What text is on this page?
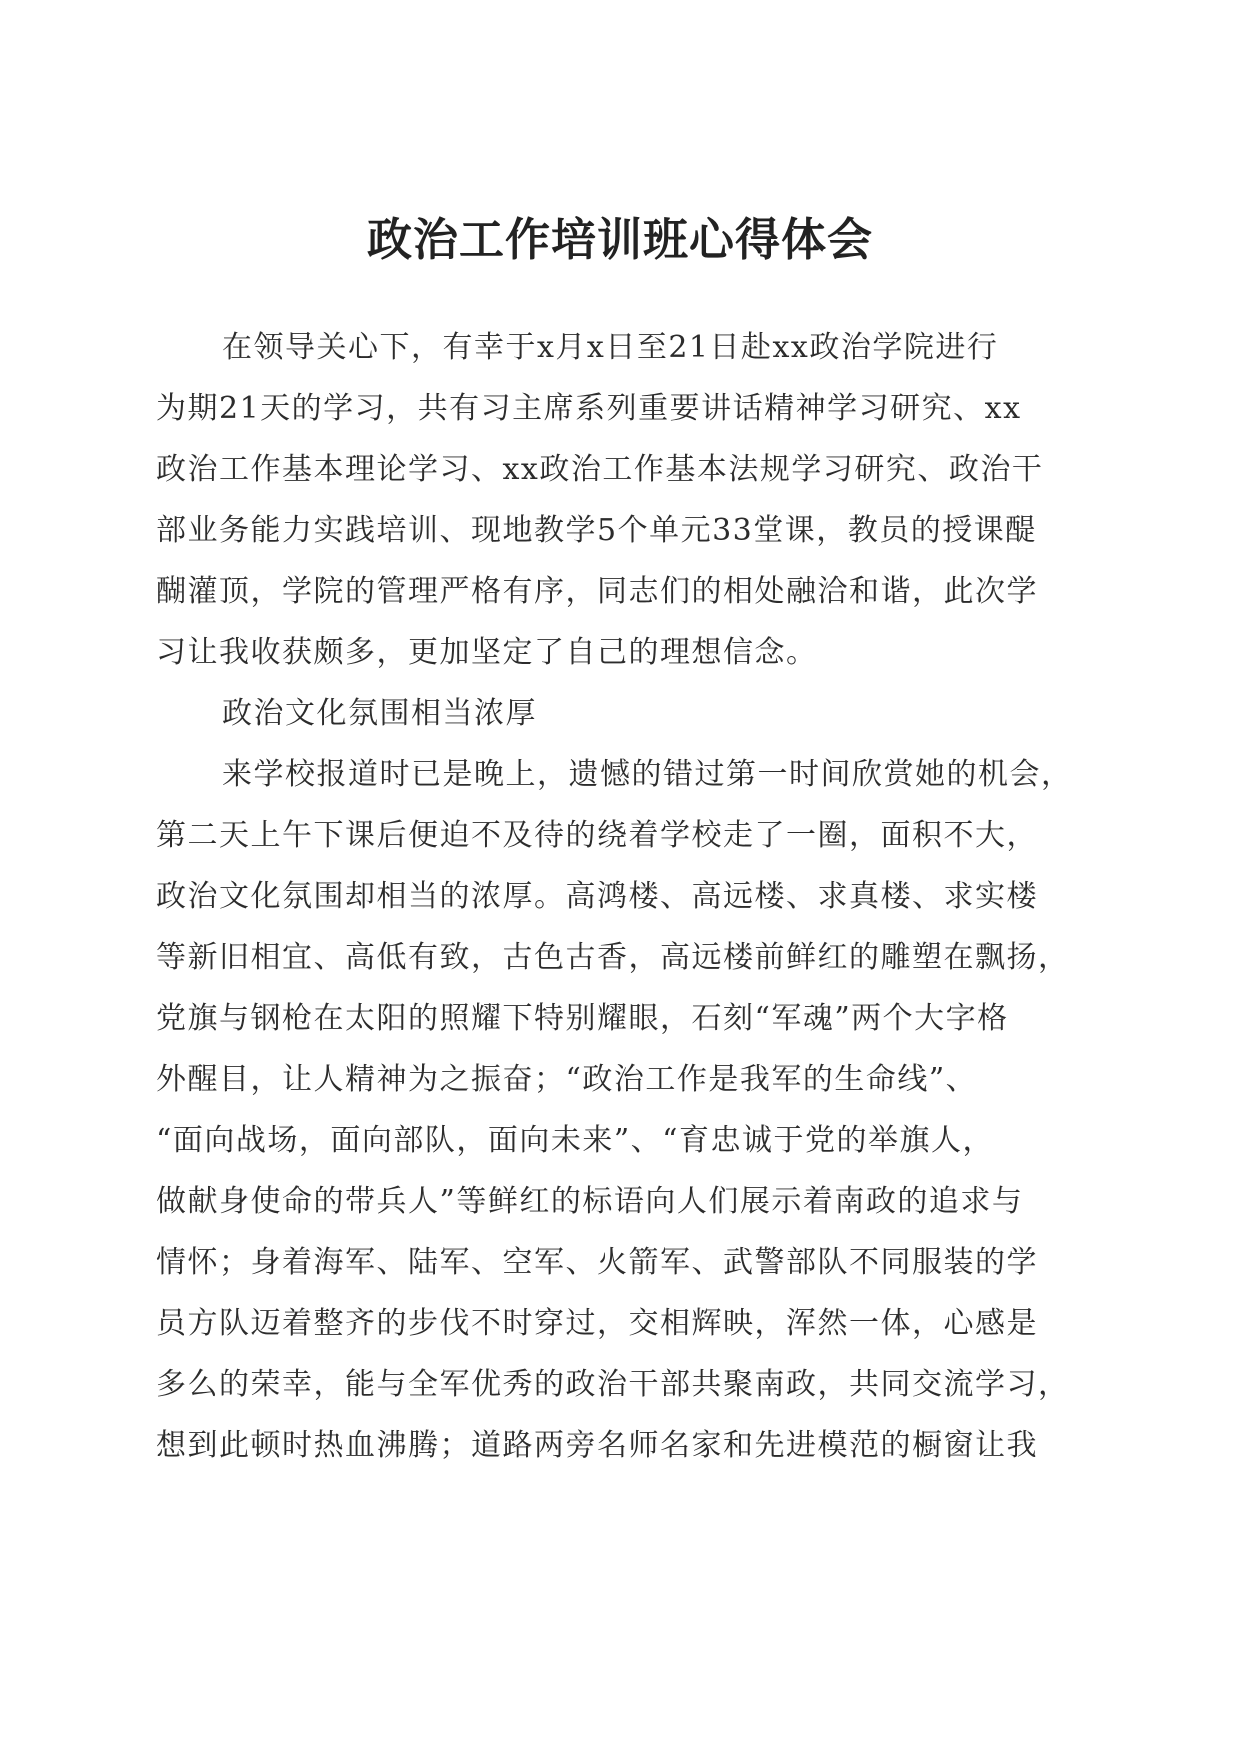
政治工作培训班心得体会
在领导关心下，有幸于x月x日至21日赴xx政治学院进行
为期21天的学习，共有习主席系列重要讲话精神学习研究、xx
政治工作基本理论学习、xx政治工作基本法规学习研究、政治干
部业务能力实践培训、现地教学5个单元33堂课，教员的授课醍
醐灌顶，学院的管理严格有序，同志们的相处融洽和谐，此次学
习让我收获颇多，更加坚定了自己的理想信念。
政治文化氛围相当浓厚
来学校报道时已是晚上，遗憾的错过第一时间欣赏她的机会，
第二天上午下课后便迫不及待的绕着学校走了一圈，面积不大，
政治文化氛围却相当的浓厚。高鸿楼、高远楼、求真楼、求实楼
等新旧相宜、高低有致，古色古香，高远楼前鲜红的雕塑在飘扬，
党旗与钢枪在太阳的照耀下特别耀眼，石刻“军魂”两个大字格
外醒目，让人精神为之振奋；“政治工作是我军的生命线”、
“面向战场，面向部队，面向未来”、“育忠诚于党的举旗人，
做献身使命的带兵人”等鲜红的标语向人们展示着南政的追求与
情怀；身着海军、陆军、空军、火箭军、武警部队不同服装的学
员方队迈着整齐的步伐不时穿过，交相辉映，浑然一体，心感是
多么的荣幸，能与全军优秀的政治干部共聚南政，共同交流学习，
想到此顿时热血沸腾；道路两旁名师名家和先进模范的橱窗让我
